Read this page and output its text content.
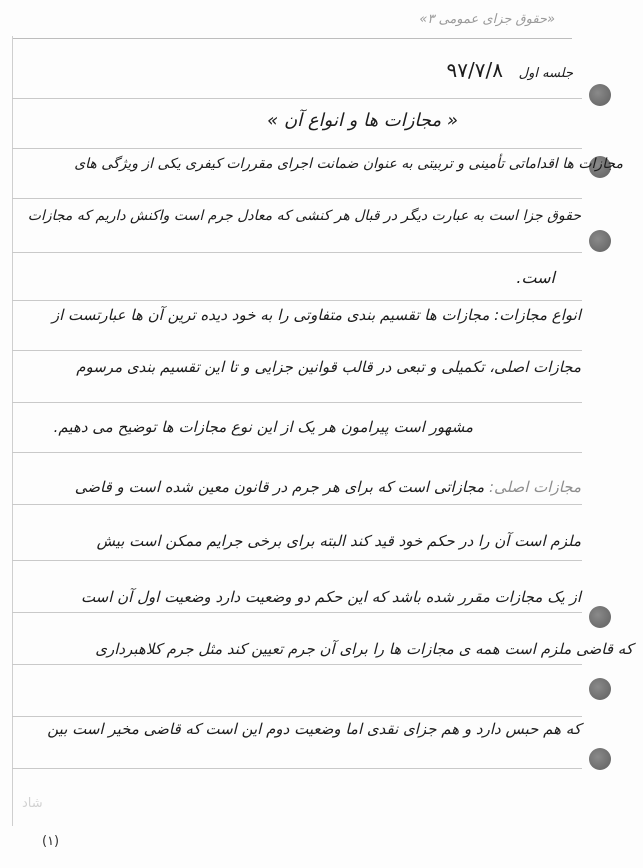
«حقوق جزای عمومی ۳»
جلسه اول
۹۷/۷/۸
« مجازات ها و انواع آن »
مجازات ها اقداماتی تأمینی و تربیتی به عنوان ضمانت اجرای مقررات کیفری یکی از ویژگی های
حقوق جزا است به عبارت دیگر در قبال هر کنشی که معادل جرم است واکنش داریم که مجازات
است.
انواع مجازات: مجازات ها تقسیم بندی متفاوتی را به خود دیده ترین آن ها عبارتست از
مجازات اصلی، تکمیلی و تبعی در قالب قوانین جزایی و تا این تقسیم بندی مرسوم
مشهور است پیرامون هر یک از این نوع مجازات ها توضیح می دهیم.
مجازات اصلی: مجازاتی است که برای هر جرم در قانون معین شده است و قاضی
ملزم است آن را در حکم خود قید کند البته برای برخی جرایم ممکن است بیش
از یک مجازات مقرر شده باشد که این حکم دو وضعیت دارد وضعیت اول آن است
که قاضی ملزم است همه ی مجازات ها را برای آن جرم تعیین کند مثل جرم کلاهبرداری
که هم حبس دارد و هم جزای نقدی اما وضعیت دوم این است که قاضی مخیر است بین
شاد
(۱)
